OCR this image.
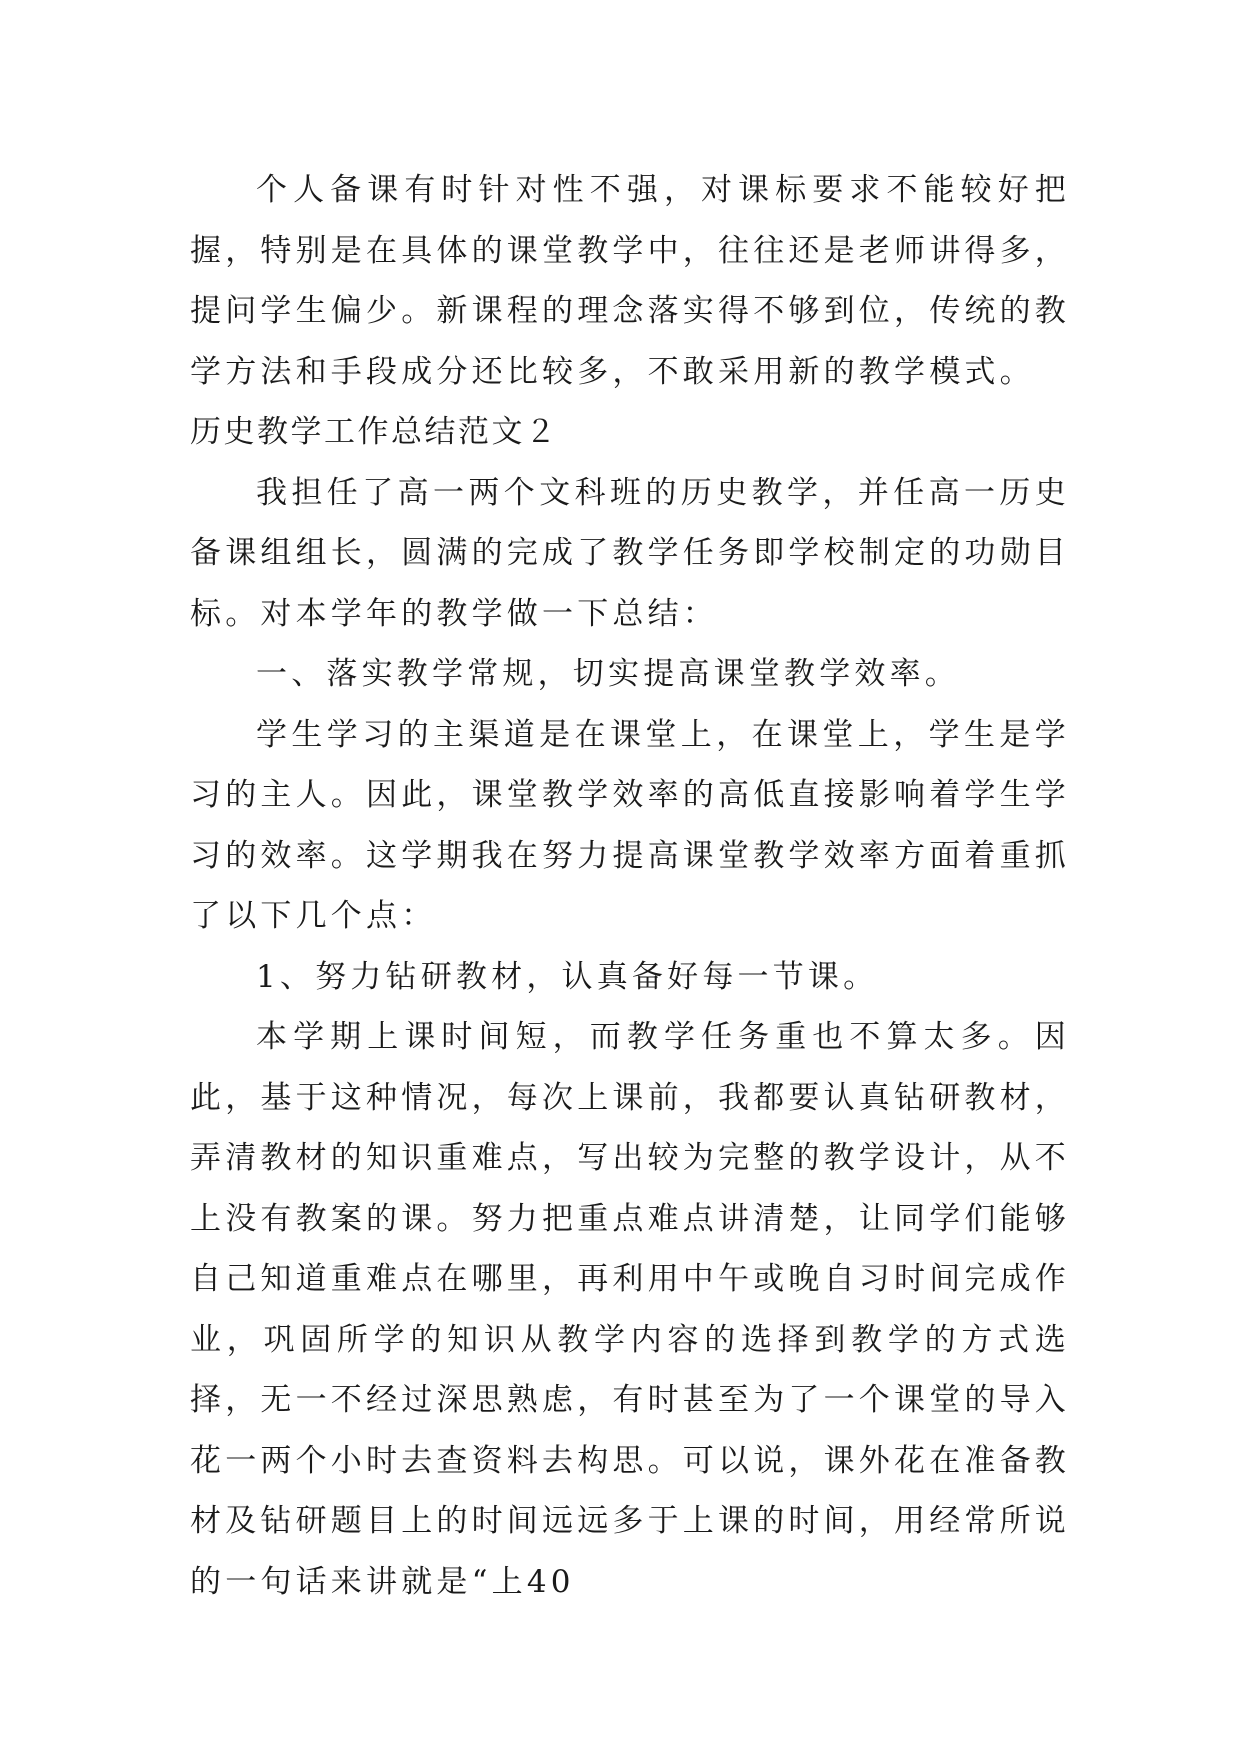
个人备课有时针对性不强，对课标要求不能较好把握，特别是在具体的课堂教学中，往往还是老师讲得多，提问学生偏少。新课程的理念落实得不够到位，传统的教学方法和手段成分还比较多，不敢采用新的教学模式。

历史教学工作总结范文２

我担任了高一两个文科班的历史教学，并任高一历史备课组组长，圆满的完成了教学任务即学校制定的功勋目标。对本学年的教学做一下总结：

一、落实教学常规，切实提高课堂教学效率。

学生学习的主渠道是在课堂上，在课堂上，学生是学习的主人。因此，课堂教学效率的高低直接影响着学生学习的效率。这学期我在努力提高课堂教学效率方面着重抓了以下几个点：

1、努力钻研教材，认真备好每一节课。

本学期上课时间短，而教学任务重也不算太多。因此，基于这种情况，每次上课前，我都要认真钻研教材，弄清教材的知识重难点，写出较为完整的教学设计，从不上没有教案的课。努力把重点难点讲清楚，让同学们能够自己知道重难点在哪里，再利用中午或晚自习时间完成作业，巩固所学的知识从教学内容的选择到教学的方式选择，无一不经过深思熟虑，有时甚至为了一个课堂的导入花一两个小时去查资料去构思。可以说，课外花在准备教材及钻研题目上的时间远远多于上课的时间，用经常所说的一句话来讲就是“上40
